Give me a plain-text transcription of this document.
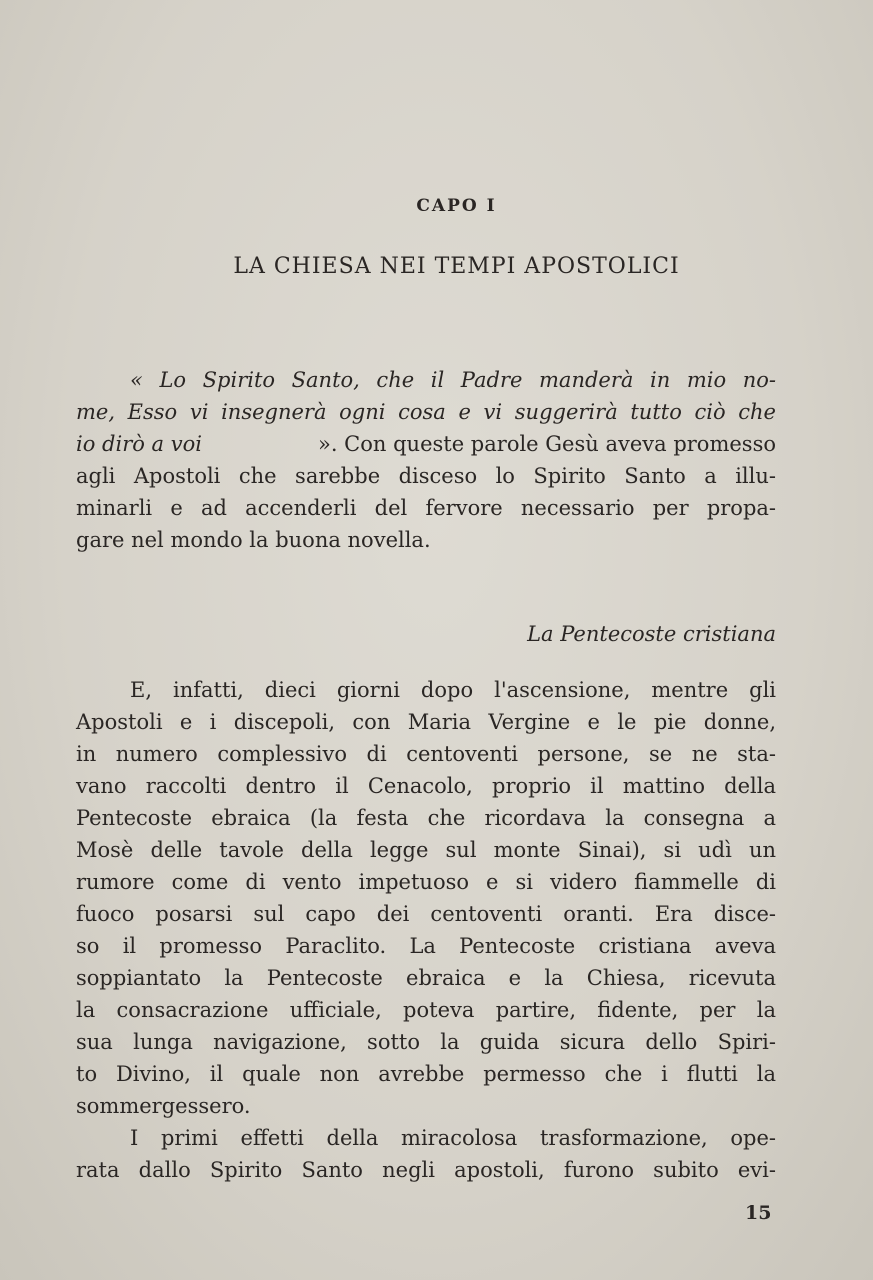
CAPO I
LA CHIESA NEI TEMPI APOSTOLICI
« Lo Spirito Santo, che il Padre manderà in mio no-
me, Esso vi insegnerà ogni cosa e vi suggerirà tutto ciò che
io dirò a voi	». Con queste parole Gesù aveva promesso
agli Apostoli che sarebbe disceso lo Spirito Santo a illu-
minarli e ad accenderli del fervore necessario per propa-
gare nel mondo la buona novella.
La Pentecoste cristiana
E, infatti, dieci giorni dopo l'ascensione, mentre gli
Apostoli e i discepoli, con Maria Vergine e le pie donne,
in numero complessivo di centoventi persone, se ne sta-
vano raccolti dentro il Cenacolo, proprio il mattino della
Pentecoste ebraica (la festa che ricordava la consegna a
Mosè delle tavole della legge sul monte Sinai), si udì un
rumore come di vento impetuoso e si videro fiammelle di
fuoco posarsi sul capo dei centoventi oranti. Era disce-
so il promesso Paraclito. La Pentecoste cristiana aveva
soppiantato la Pentecoste ebraica e la Chiesa, ricevuta
la consacrazione ufficiale, poteva partire, fidente, per la
sua lunga navigazione, sotto la guida sicura dello Spiri-
to Divino, il quale non avrebbe permesso che i flutti la
sommergessero.
I primi effetti della miracolosa trasformazione, ope-
rata dallo Spirito Santo negli apostoli, furono subito evi-
15
